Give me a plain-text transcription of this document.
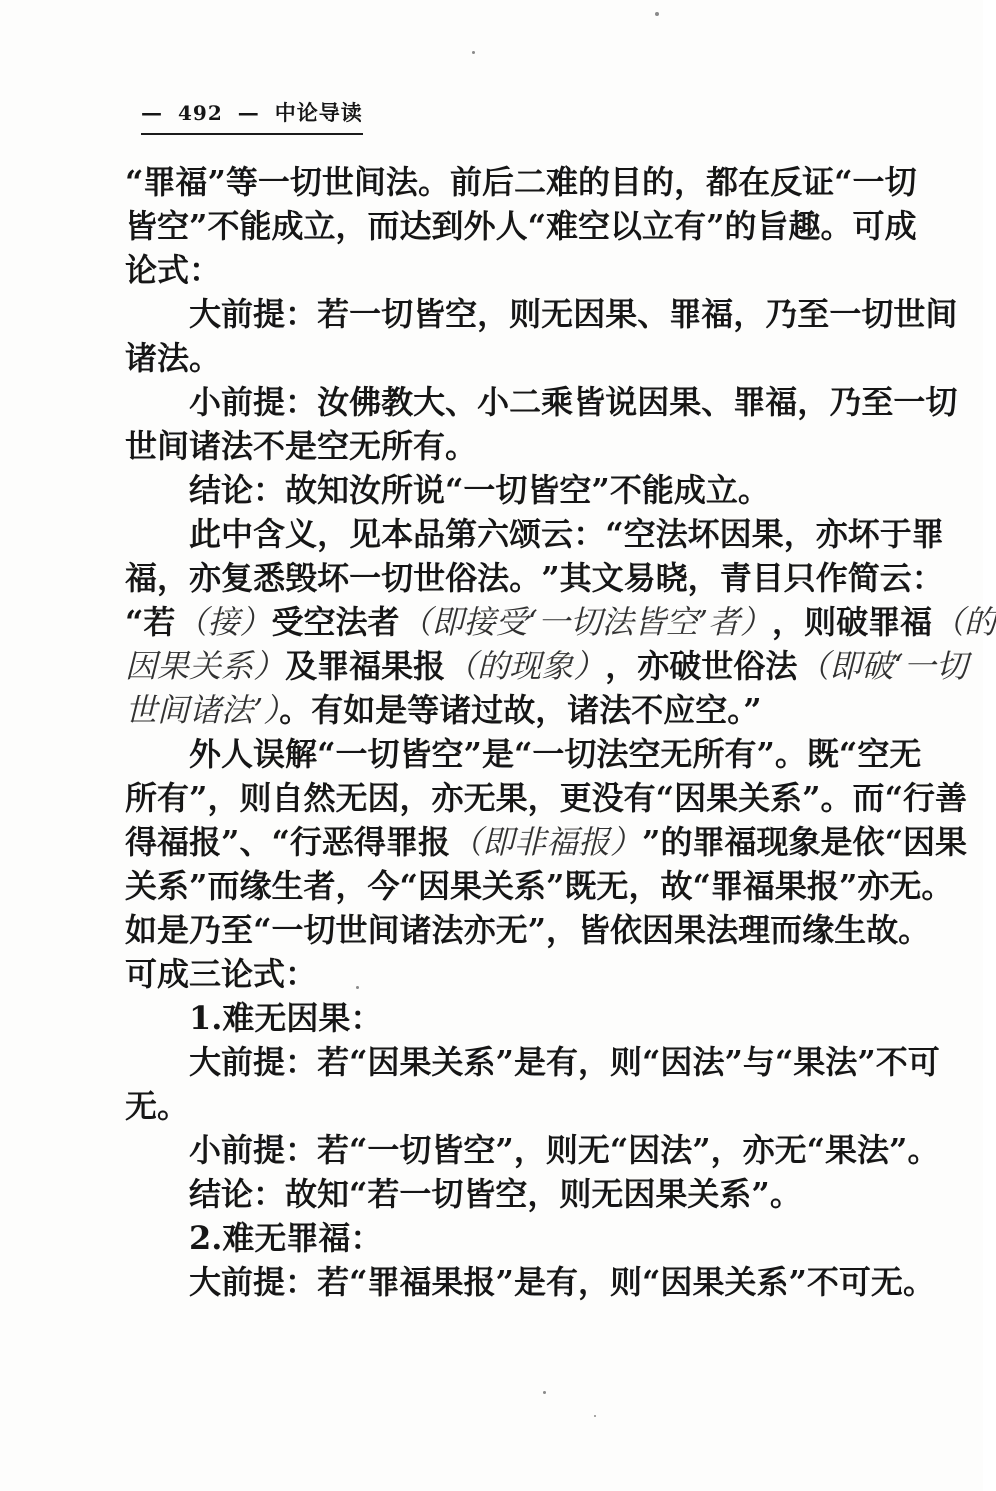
— 492 — 中论导读
“ 罪 福 ” 等 一 切 世 间 法 。 前 后 二 难 的 目 的 ， 都 在 反 证 “ 一 切
皆 空 ” 不 能 成 立 ， 而 达 到 外 人 “ 难 空 以 立 有 ” 的 旨 趣 。 可 成
论式：
大 前 提 ： 若 一 切 皆 空 ， 则 无 因 果 、 罪 福 ， 乃 至 一 切 世 间
诸法。
小 前 提 ： 汝 佛 教 大 、 小 二 乘 皆 说 因 果 、 罪 福 ， 乃 至 一 切
世间诸法不是空无所有。
结论：故知汝所说“一切皆空”不能成立。
此 中 含 义 ， 见 本 品 第 六 颂 云 ： “ 空 法 坏 因 果 ， 亦 坏 于 罪
福 ， 亦 复 悉 毁 坏 一 切 世 俗 法 。 ” 其 文 易 晓 ， 青 目 只 作 简 云 ：
“ 若 （ 接 ） 受 空 法 者 （ 即 接 受 ‘ 一 切 法 皆 空 ’ 者 ） ， 则 破 罪 福 （ 的
因 果 关 系 ） 及 罪 福 果 报 （ 的 现 象 ） ， 亦 破 世 俗 法 （ 即 破 ‘ 一 切
世间诸法’）。有如是等诸过故，诸法不应空。”
外 人 误 解 “ 一 切 皆 空 ” 是 “ 一 切 法 空 无 所 有 ” 。 既 “ 空 无
所 有 ” ， 则 自 然 无 因 ， 亦 无 果 ， 更 没 有 “ 因 果 关 系 ” 。 而 “ 行 善
得 福 报 ” 、 “ 行 恶 得 罪 报 （ 即 非 福 报 ） ” 的 罪 福 现 象 是 依 “ 因 果
关 系 ” 而 缘 生 者 ， 今 “ 因 果 关 系 ” 既 无 ， 故 “ 罪 福 果 报 ” 亦 无 。
如 是 乃 至 “ 一 切 世 间 诸 法 亦 无 ” ， 皆 依 因 果 法 理 而 缘 生 故 。
可成三论式：
1.难无因果：
大 前 提 ： 若 “ 因 果 关 系 ” 是 有 ， 则 “ 因 法 ” 与 “ 果 法 ” 不 可
无。
小前提：若“一切皆空”，则无“因法”，亦无“果法”。
结论：故知“若一切皆空，则无因果关系”。
2.难无罪福：
大 前 提 ： 若 “ 罪 福 果 报 ” 是 有 ， 则 “ 因 果 关 系 ” 不 可 无 。
